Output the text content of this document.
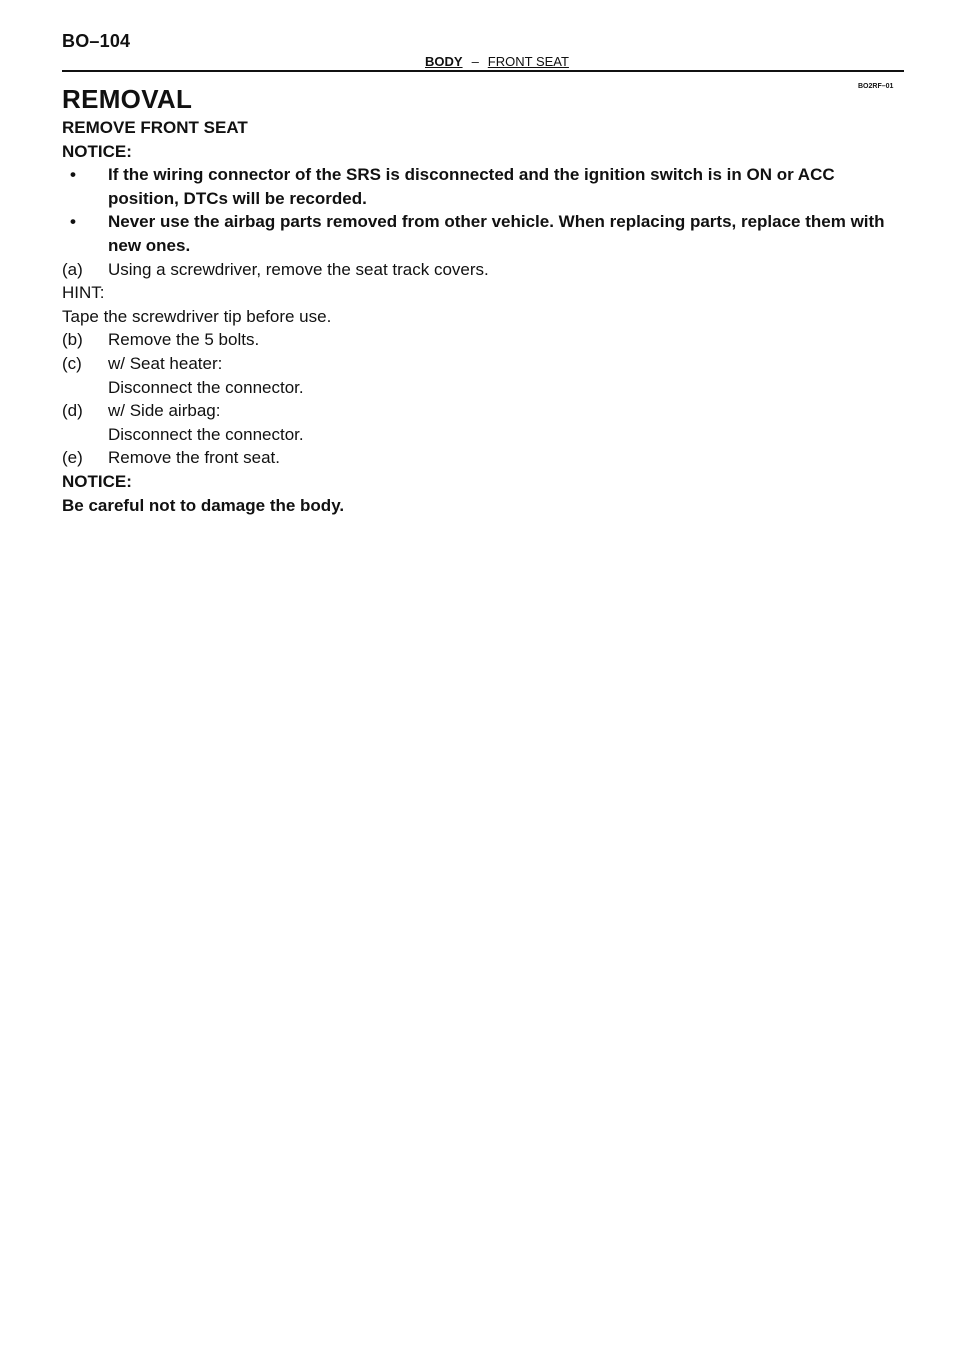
BO–104
BODY – FRONT SEAT
BO2RF–01
REMOVAL
REMOVE FRONT SEAT
NOTICE:
• If the wiring connector of the SRS is disconnected and the ignition switch is in ON or ACC position, DTCs will be recorded.
• Never use the airbag parts removed from other vehicle. When replacing parts, replace them with new ones.
(a) Using a screwdriver, remove the seat track covers.
HINT:
Tape the screwdriver tip before use.
(b) Remove the 5 bolts.
(c) w/ Seat heater:
Disconnect the connector.
(d) w/ Side airbag:
Disconnect the connector.
(e) Remove the front seat.
NOTICE:
Be careful not to damage the body.
